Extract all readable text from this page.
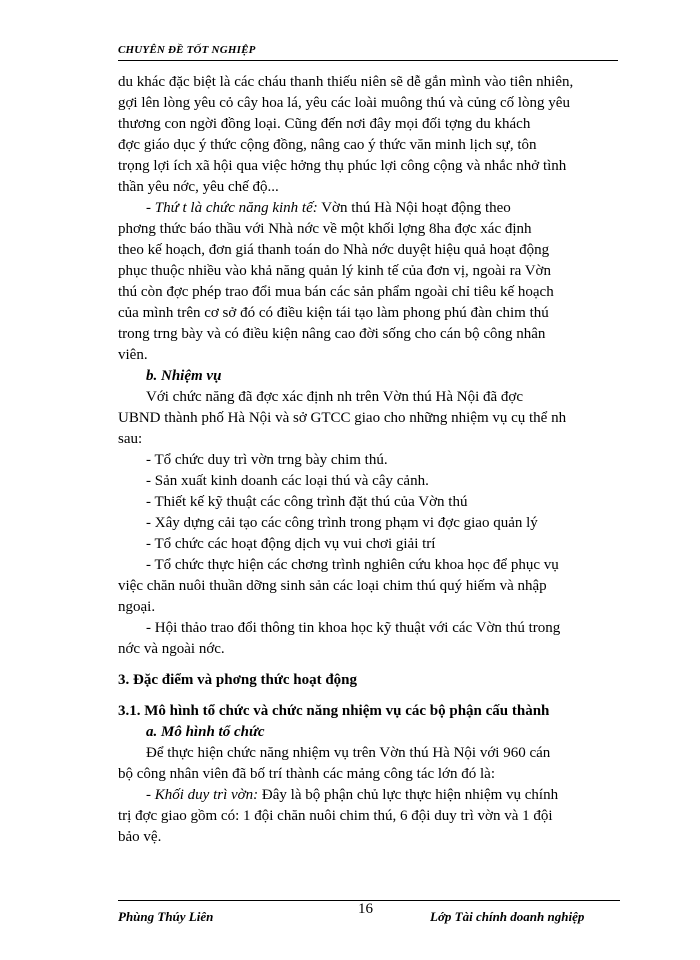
CHUYÊN ĐỀ TỐT NGHIỆP

du khác đặc biệt là các cháu thanh thiếu niên sẽ dễ gắn mình vào tiên nhiên,

gợi lên lòng yêu cỏ cây hoa lá, yêu các loài muông thú và củng cố lòng yêu

thương con ngời đồng loại. Cũng đến nơi đây mọi đối tợng du khách

đợc giáo dục ý thức cộng đồng, nâng cao ý thức văn minh lịch sự, tôn

trọng lợi ích xã hội qua việc hởng thụ phúc lợi công cộng và nhắc nhở tình

thần yêu nớc, yêu chế độ...

- Thứ t là chức năng kinh tế: Vờn thú Hà Nội hoạt động theo

phơng thức báo thầu với Nhà nớc về một khối lợng 8ha đợc xác định

theo kế hoạch, đơn giá thanh toán do Nhà nớc duyệt hiệu quả hoạt động

phục thuộc nhiều vào khả năng quản lý kinh tế của đơn vị, ngoài ra Vờn

thú còn đợc phép trao đổi mua bán các sản phẩm ngoài chỉ tiêu kế hoạch

của mình trên cơ sở đó có điều kiện tái tạo làm phong phú đàn chim thú

trong trng bày và có điều kiện nâng cao đời sống cho cán bộ công nhân

viên.

b. Nhiệm vụ

Với chức năng đã đợc xác định nh trên Vờn thú Hà Nội đã đợc

UBND thành phố Hà Nội và sở GTCC giao cho những nhiệm vụ cụ thể nh

sau:

- Tổ chức duy trì vờn trng bày chim thú.

- Sản xuất kinh doanh các loại thú và cây cảnh.

- Thiết kế kỹ thuật các công trình đặt thú của Vờn thú

- Xây dựng cải tạo các công trình trong phạm vi đợc giao quản lý

- Tổ chức các hoạt động dịch vụ vui chơi giải trí

- Tổ chức thực hiện các chơng trình nghiên cứu khoa học để phục vụ

việc chăn nuôi thuần dỡng sinh sản các loại chim thú quý hiếm và nhập

ngoại.

- Hội thảo trao đổi thông tin khoa học kỹ thuật với các Vờn thú trong

nớc và ngoài nớc.

3. Đặc điểm và phơng thức hoạt động

3.1. Mô hình tổ chức và chức năng nhiệm vụ các bộ phận cấu thành

a. Mô hình tổ chức

Để thực hiện chức năng nhiệm vụ trên Vờn thú Hà Nội với 960 cán

bộ công nhân viên đã bố trí thành các mảng công tác lớn đó là:

- Khối duy trì vờn: Đây là bộ phận chủ lực thực hiện nhiệm vụ chính

trị đợc giao gồm có: 1 đội chăn nuôi chim thú, 6 đội duy trì vờn và 1 đội

bảo vệ.

Phùng Thúy Liên	16	Lớp Tài chính doanh nghiệp
